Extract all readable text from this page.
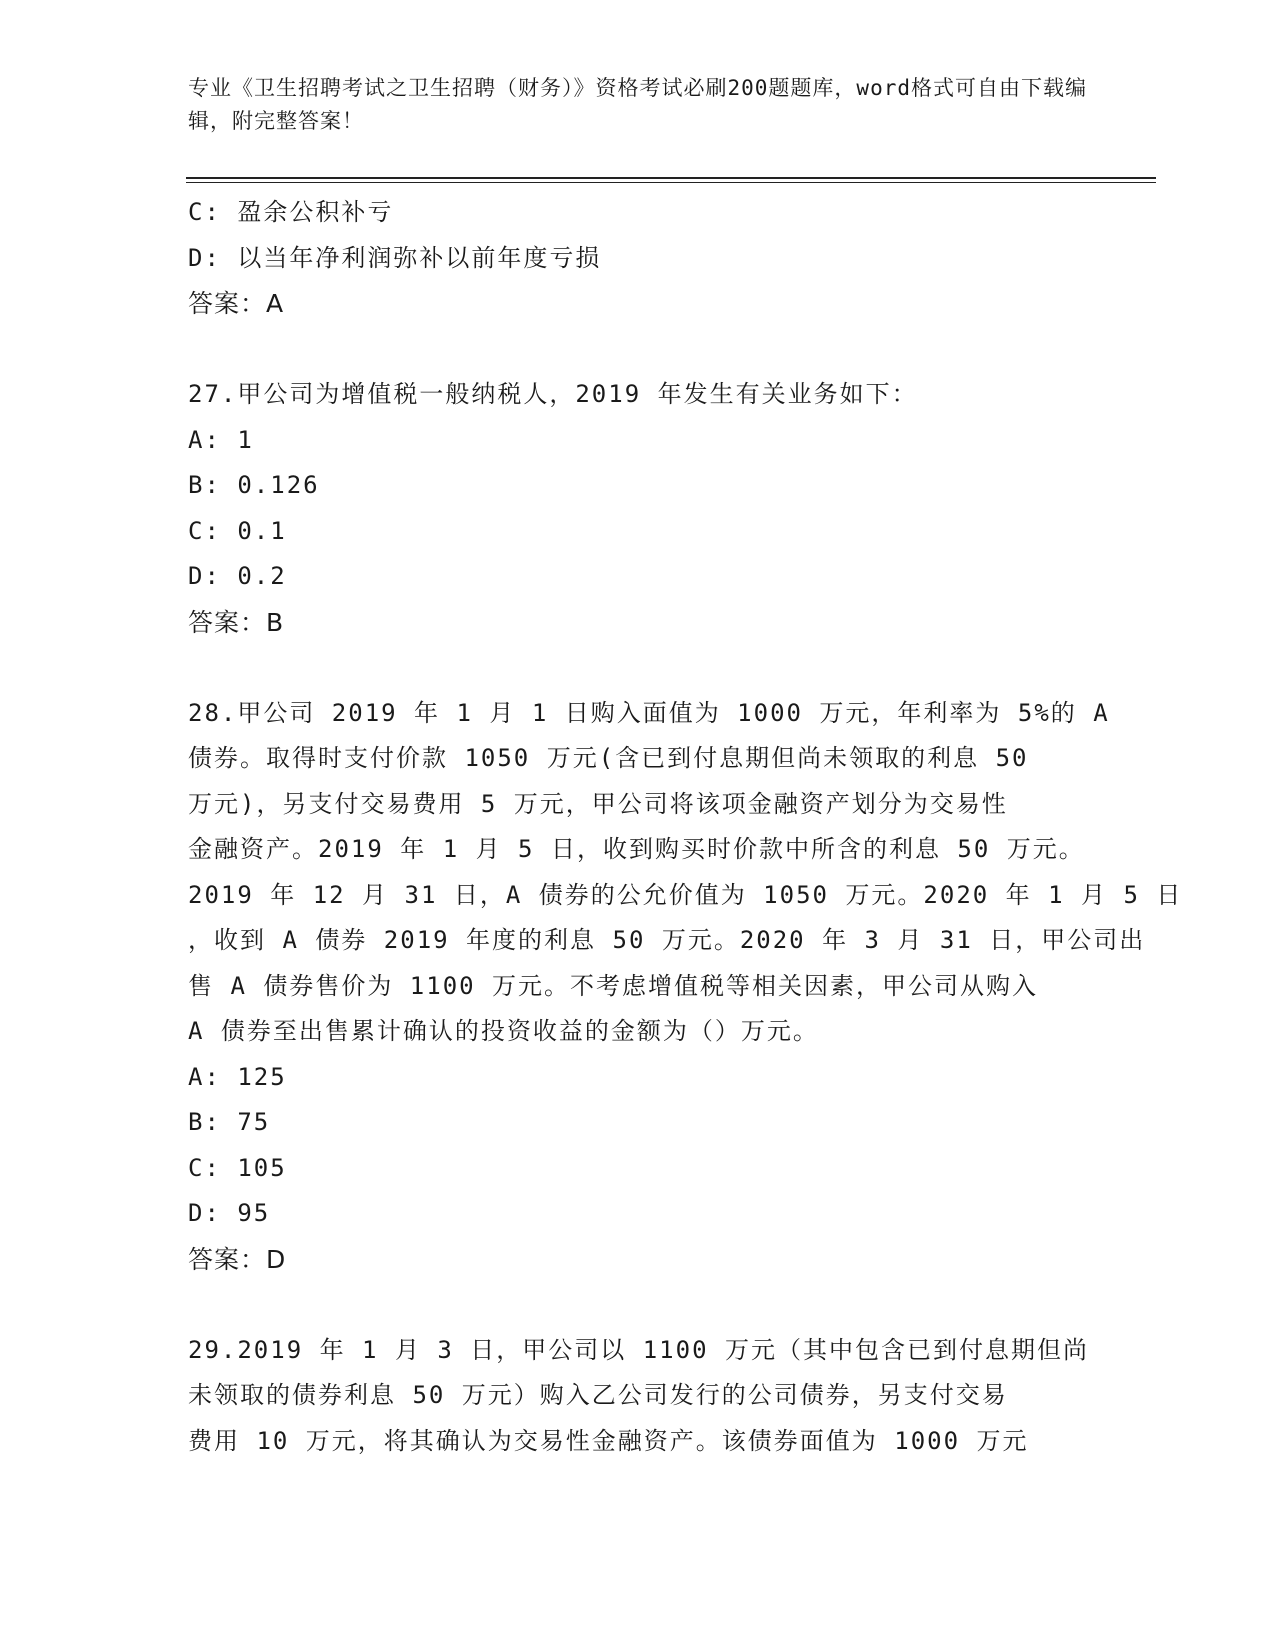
专业《卫生招聘考试之卫生招聘（财务）》资格考试必刷200题题库，word格式可自由下载编辑，附完整答案！
C: 盈余公积补亏
D: 以当年净利润弥补以前年度亏损
答案：A
27.甲公司为增值税一般纳税人，2019 年发生有关业务如下：
A: 1
B: 0.126
C: 0.1
D: 0.2
答案：B
28.甲公司 2019 年 1 月 1 日购入面值为 1000 万元，年利率为 5%的 A
债券。取得时支付价款 1050 万元(含已到付息期但尚未领取的利息 50
万元)，另支付交易费用 5 万元，甲公司将该项金融资产划分为交易性
金融资产。2019 年 1 月 5 日，收到购买时价款中所含的利息 50 万元。
2019 年 12 月 31 日，A 债券的公允价值为 1050 万元。2020 年 1 月 5 日
，收到 A 债券 2019 年度的利息 50 万元。2020 年 3 月 31 日，甲公司出
售 A 债券售价为 1100 万元。不考虑增值税等相关因素，甲公司从购入
A 债券至出售累计确认的投资收益的金额为（）万元。
A: 125
B: 75
C: 105
D: 95
答案：D
29.2019 年 1 月 3 日，甲公司以 1100 万元（其中包含已到付息期但尚
未领取的债券利息 50 万元）购入乙公司发行的公司债券，另支付交易
费用 10 万元，将其确认为交易性金融资产。该债券面值为 1000 万元
